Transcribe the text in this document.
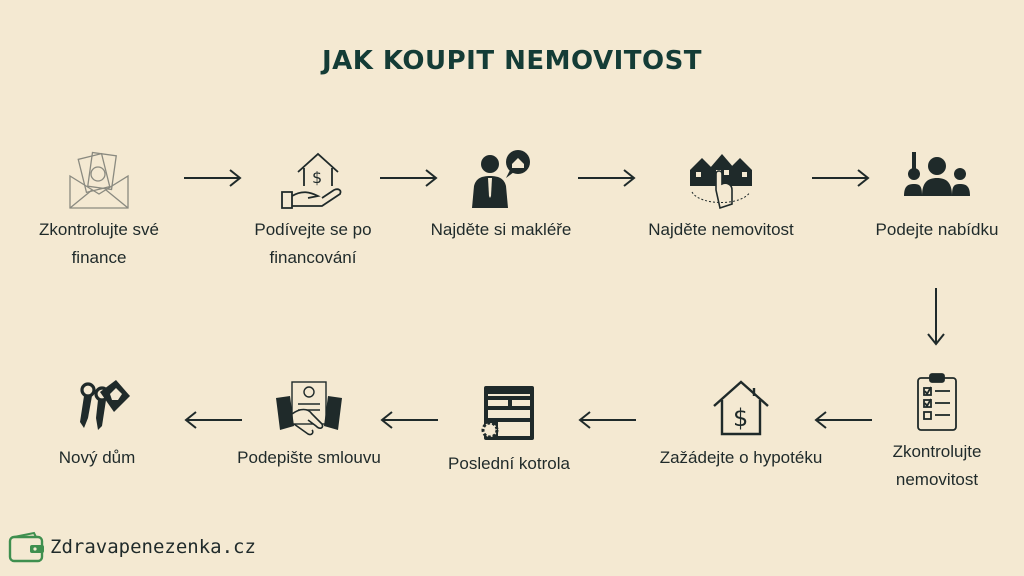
JAK KOUPIT NEMOVITOST
Zkontrolujte své finance
$
Podívejte se po financování
Najděte si makléře	Najděte nemovitost	Podejte nabídku
Zkontrolujte nemovitost
$
Zažádejte o hypotéku
Poslední kotrola
Podepište smlouvu
Nový dům
Zdravapenezenka.cz
